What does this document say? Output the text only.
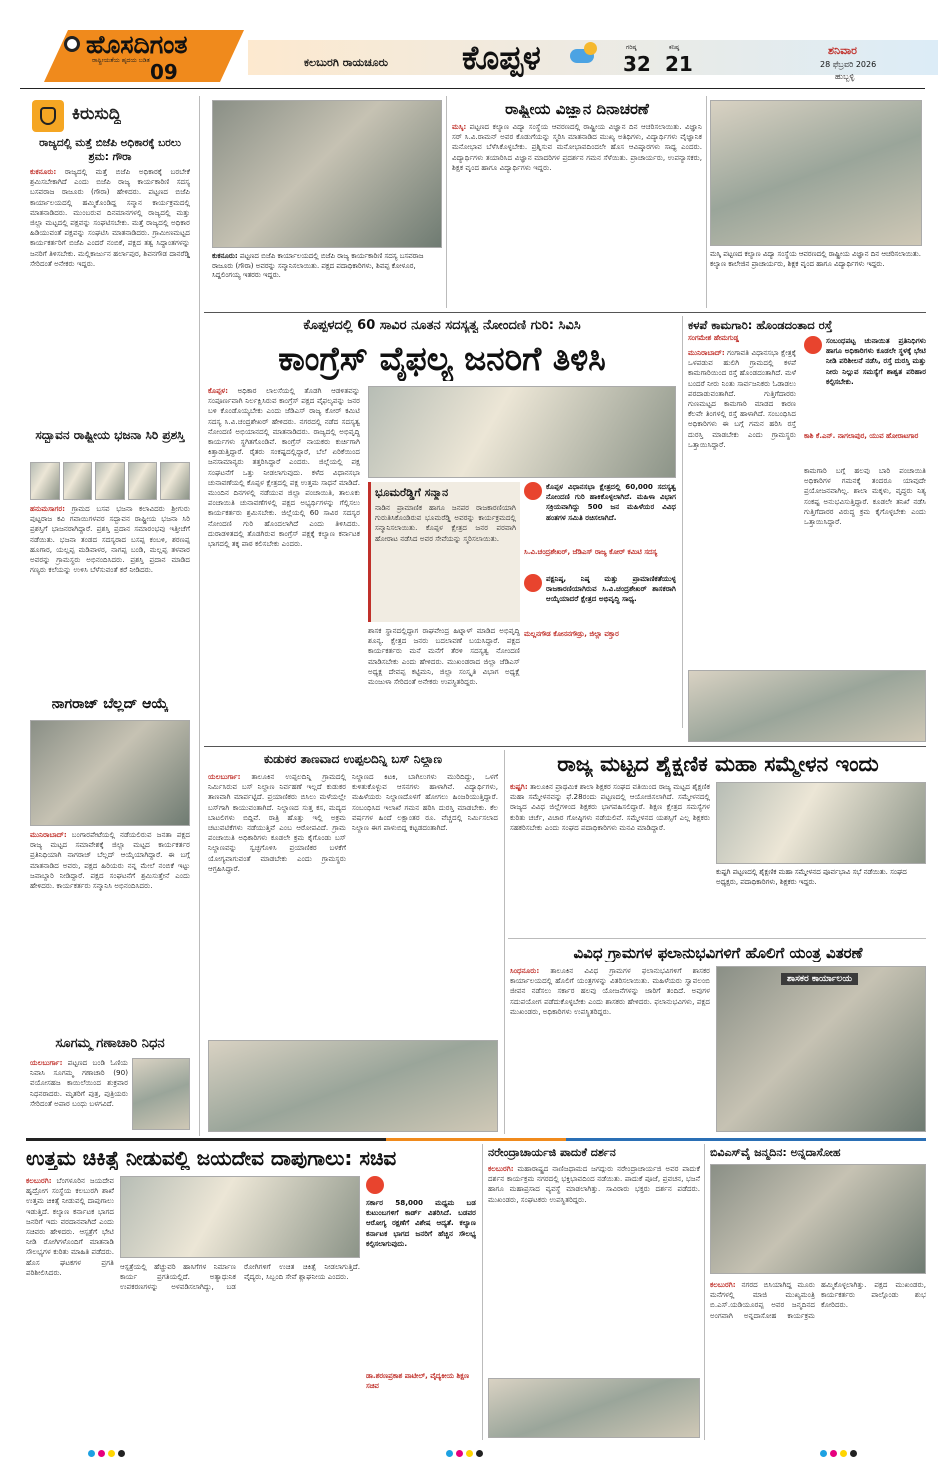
ಹೊಸದಿಗಂತ
ರಾಷ್ಟ್ರೀಯತೆಯ ಹೃದಯ ಬಡಿತ 09	ಕಲಬುರಗಿ ರಾಯಚೂರು ಕೊಪ್ಪಳ	ಗರಿಷ್ಠ
32
ಕನಿಷ್ಠ
21
ಶನಿವಾರ
28 ಫೆಬ್ರವರಿ 2026
ಹುಬ್ಬಳ್ಳಿ
ಕಿರುಸುದ್ದಿ
ರಾಜ್ಯದಲ್ಲಿ ಮತ್ತೆ ಬಿಜೆಪಿ ಅಧಿಕಾರಕ್ಕೆ ಬರಲು ಶ್ರಮ: ಗೌರಾ
ಕುಕನೂರು: ರಾಜ್ಯದಲ್ಲಿ ಮತ್ತೆ ಬಿಜೆಪಿ ಅಧಿಕಾರಕ್ಕೆ ಬರಬೇಕೆ ಶ್ರಮಿಸಬೇಕಾಗಿದೆ ಎಂದು ಬಿಜೆಪಿ ರಾಜ್ಯ ಕಾರ್ಯಕಾರಿಣಿ ಸದಸ್ಯ ಬಸವರಾಜ ರಾಜೂರು (ಗೌರಾ) ಹೇಳಿದರು. ಪಟ್ಟಣದ ಬಿಜೆಪಿ ಕಾರ್ಯಾಲಯದಲ್ಲಿ ಹಮ್ಮಿಕೊಂಡಿದ್ದ ಸನ್ಮಾನ ಕಾರ್ಯಕ್ರಮದಲ್ಲಿ ಮಾತನಾಡಿದರು. ಮುಂಬರುವ ದಿನಮಾನಗಳಲ್ಲಿ ರಾಜ್ಯದಲ್ಲಿ ಮತ್ತು ಜಿಲ್ಲಾ ಮಟ್ಟದಲ್ಲಿ ಪಕ್ಷವನ್ನು ಸಂಘಟಿಸಬೇಕು. ಮತ್ತೆ ರಾಜ್ಯದಲ್ಲಿ ಅಧಿಕಾರ ಹಿಡಿಯುವಂತೆ ಪಕ್ಷವನ್ನು ಸಂಘಟಿಸಿ ಮಾತನಾಡಿದರು. ಗ್ರಾಮೀಣಮಟ್ಟದ ಕಾರ್ಯಕರ್ತರಿಗೆ ಬಿಜೆಪಿ ಎಂದರೆ ನಂಬಿಕೆ, ಪಕ್ಷದ ತತ್ವ ಸಿದ್ಧಾಂತಗಳನ್ನು ಜನರಿಗೆ ತಿಳಿಸಬೇಕು. ಮಲ್ಲಿಕಾರ್ಜುನ ಹರ್ಲಾಪುರ, ಶಿವನಗೌಡ ದಾನರೆಡ್ಡಿ ಸೇರಿದಂತೆ ಅನೇಕರು ಇದ್ದರು.
ಸದ್ಭಾವನ ರಾಷ್ಟ್ರೀಯ ಭಜನಾ ಸಿರಿ ಪ್ರಶಸ್ತಿ
ಹನುಮಸಾಗರ: ಗ್ರಾಮದ ಬಸವ ಭಜನಾ ಕಲಾವಿದರು ಶ್ರೀಗುರು ಪುಟ್ಟರಾಜ ಕವಿ ಗವಾಯಿಗಳವರ ಸದ್ಭಾವನ ರಾಷ್ಟ್ರೀಯ ಭಜನಾ ಸಿರಿ ಪ್ರಶಸ್ತಿಗೆ ಭಾಜನರಾಗಿದ್ದಾರೆ. ಪ್ರಶಸ್ತಿ ಪ್ರದಾನ ಸಮಾರಂಭವು ಇತ್ತೀಚೆಗೆ ನಡೆಯಿತು. ಭಜನಾ ತಂಡದ ಸದಸ್ಯರಾದ ಬಸಪ್ಪ ಕಂಬಳಿ, ಶರಣಪ್ಪ ಹೂಗಾರ, ಯಲ್ಲಪ್ಪ ಮಡಿವಾಳರ, ನಾಗಪ್ಪ ಬಂಡಿ, ಮಲ್ಲಪ್ಪ ತಳವಾರ ಅವರನ್ನು ಗ್ರಾಮಸ್ಥರು ಅಭಿನಂದಿಸಿದರು. ಪ್ರಶಸ್ತಿ ಪ್ರದಾನ ಮಾಡಿದ ಗಣ್ಯರು ಕಲೆಯನ್ನು ಉಳಿಸಿ ಬೆಳೆಸುವಂತೆ ಕರೆ ನೀಡಿದರು.
ನಾಗರಾಜ್ ಬೆಲ್ಲದ್ ಆಯ್ಕೆ
ಮುನಿರಾಬಾದ್: ಬಂಗಾರಪೇಟೆಯಲ್ಲಿ ನಡೆಯಲಿರುವ ಜನತಾ ಪಕ್ಷದ ರಾಜ್ಯ ಮಟ್ಟದ ಸಮಾವೇಶಕ್ಕೆ ಜಿಲ್ಲಾ ಮಟ್ಟದ ಕಾರ್ಯಕರ್ತರ ಪ್ರತಿನಿಧಿಯಾಗಿ ನಾಗರಾಜ್ ಬೆಲ್ಲದ್ ಆಯ್ಕೆಯಾಗಿದ್ದಾರೆ. ಈ ಬಗ್ಗೆ ಮಾತನಾಡಿದ ಅವರು, ಪಕ್ಷದ ಹಿರಿಯರು ನನ್ನ ಮೇಲೆ ನಂಬಿಕೆ ಇಟ್ಟು ಜವಾಬ್ದಾರಿ ನೀಡಿದ್ದಾರೆ. ಪಕ್ಷದ ಸಂಘಟನೆಗೆ ಶ್ರಮಿಸುತ್ತೇನೆ ಎಂದು ಹೇಳಿದರು. ಕಾರ್ಯಕರ್ತರು ಸನ್ಮಾನಿಸಿ ಅಭಿನಂದಿಸಿದರು.
ಸೂಗಮ್ಮ ಗಣಾಚಾರಿ ನಿಧನ
ಯಲಬುರ್ಗಾ: ಪಟ್ಟಣದ ಬಂಡಿ ಓಣಿಯ ನಿವಾಸಿ ಸೂಗಮ್ಮ ಗಣಾಚಾರಿ (90) ವಯೋಸಹಜ ಕಾಯಿಲೆಯಿಂದ ಶುಕ್ರವಾರ ನಿಧನರಾದರು. ಮೃತರಿಗೆ ಪುತ್ರ, ಪುತ್ರಿಯರು ಸೇರಿದಂತೆ ಅಪಾರ ಬಂಧು ಬಳಗವಿದೆ.
ಕುಕನೂರು: ಪಟ್ಟಣದ ಬಿಜೆಪಿ ಕಾರ್ಯಾಲಯದಲ್ಲಿ ಬಿಜೆಪಿ ರಾಜ್ಯ ಕಾರ್ಯಕಾರಿಣಿ ಸದಸ್ಯ ಬಸವರಾಜ ರಾಜೂರು (ಗೌರಾ) ಅವರನ್ನು ಸನ್ಮಾನಿಸಲಾಯಿತು. ಪಕ್ಷದ ಪದಾಧಿಕಾರಿಗಳು, ಶಿವಪ್ಪ ಕೋಳೂರ, ಸಿದ್ದಲಿಂಗಯ್ಯ ಇತರರು ಇದ್ದರು.
ರಾಷ್ಟ್ರೀಯ ವಿಜ್ಞಾನ ದಿನಾಚರಣೆ
ಮಸ್ಕಿ: ಪಟ್ಟಣದ ಕಲ್ಯಾಣ ವಿದ್ಯಾ ಸಂಸ್ಥೆಯ ಆವರಣದಲ್ಲಿ ರಾಷ್ಟ್ರೀಯ ವಿಜ್ಞಾನ ದಿನ ಆಚರಿಸಲಾಯಿತು. ವಿಜ್ಞಾನಿ ಸರ್ ಸಿ.ವಿ.ರಾಮನ್ ಅವರ ಕೊಡುಗೆಯನ್ನು ಸ್ಮರಿಸಿ ಮಾತನಾಡಿದ ಮುಖ್ಯ ಅತಿಥಿಗಳು, ವಿದ್ಯಾರ್ಥಿಗಳು ವೈಜ್ಞಾನಿಕ ಮನೋಭಾವ ಬೆಳೆಸಿಕೊಳ್ಳಬೇಕು. ಪ್ರಶ್ನಿಸುವ ಮನೋಭಾವದಿಂದಲೇ ಹೊಸ ಆವಿಷ್ಕಾರಗಳು ಸಾಧ್ಯ ಎಂದರು. ವಿದ್ಯಾರ್ಥಿಗಳು ತಯಾರಿಸಿದ ವಿಜ್ಞಾನ ಮಾದರಿಗಳ ಪ್ರದರ್ಶನ ಗಮನ ಸೆಳೆಯಿತು. ಪ್ರಾಚಾರ್ಯರು, ಉಪನ್ಯಾಸಕರು, ಶಿಕ್ಷಕ ವೃಂದ ಹಾಗೂ ವಿದ್ಯಾರ್ಥಿಗಳು ಇದ್ದರು.
ಮಸ್ಕಿ ಪಟ್ಟಣದ ಕಲ್ಯಾಣ ವಿದ್ಯಾ ಸಂಸ್ಥೆಯ ಆವರಣದಲ್ಲಿ ರಾಷ್ಟ್ರೀಯ ವಿಜ್ಞಾನ ದಿನ ಆಚರಿಸಲಾಯಿತು. ಕಲ್ಯಾಣ ಕಾಲೇಜಿನ ಪ್ರಾಚಾರ್ಯರು, ಶಿಕ್ಷಕ ವೃಂದ ಹಾಗೂ ವಿದ್ಯಾರ್ಥಿಗಳು ಇದ್ದರು.
ಕೊಪ್ಪಳದಲ್ಲಿ 60 ಸಾವಿರ ನೂತನ ಸದಸ್ಯತ್ವ ನೋಂದಣಿ ಗುರಿ: ಸಿವಿಸಿ
ಕಾಂಗ್ರೆಸ್ ವೈಫಲ್ಯ ಜನರಿಗೆ ತಿಳಿಸಿ
ಕೊಪ್ಪಳ: ಅಧಿಕಾರ ಲಾಲಸೆಯಲ್ಲಿ ತೊಡಗಿ ಆಡಳಿತವನ್ನು ಸಂಪೂರ್ಣವಾಗಿ ನಿರ್ಲಕ್ಷಿಸಿರುವ ಕಾಂಗ್ರೆಸ್ ಪಕ್ಷದ ವೈಫಲ್ಯವನ್ನು ಜನರ ಬಳಿ ಕೊಂಡೊಯ್ಯಬೇಕು ಎಂದು ಜೆಡಿಎಸ್ ರಾಜ್ಯ ಕೋರ್ ಕಮಿಟಿ ಸದಸ್ಯ ಸಿ.ವಿ.ಚಂದ್ರಶೇಖರ್ ಹೇಳಿದರು. ನಗರದಲ್ಲಿ ನಡೆದ ಸದಸ್ಯತ್ವ ನೋಂದಣಿ ಅಭಿಯಾನದಲ್ಲಿ ಮಾತನಾಡಿದರು. ರಾಜ್ಯದಲ್ಲಿ ಅಭಿವೃದ್ಧಿ ಕಾರ್ಯಗಳು ಸ್ಥಗಿತಗೊಂಡಿವೆ. ಕಾಂಗ್ರೆಸ್ ನಾಯಕರು ಕುರ್ಚಿಗಾಗಿ ಕಿತ್ತಾಡುತ್ತಿದ್ದಾರೆ. ರೈತರು ಸಂಕಷ್ಟದಲ್ಲಿದ್ದಾರೆ, ಬೆಲೆ ಏರಿಕೆಯಿಂದ ಜನಸಾಮಾನ್ಯರು ತತ್ತರಿಸಿದ್ದಾರೆ ಎಂದರು. ಜಿಲ್ಲೆಯಲ್ಲಿ ಪಕ್ಷ ಸಂಘಟನೆಗೆ ಒತ್ತು ನೀಡಲಾಗುವುದು. ಕಳೆದ ವಿಧಾನಸಭಾ ಚುನಾವಣೆಯಲ್ಲಿ ಕೊಪ್ಪಳ ಕ್ಷೇತ್ರದಲ್ಲಿ ಪಕ್ಷ ಉತ್ತಮ ಸಾಧನೆ ಮಾಡಿದೆ. ಮುಂದಿನ ದಿನಗಳಲ್ಲಿ ನಡೆಯುವ ಜಿಲ್ಲಾ ಪಂಚಾಯಿತಿ, ತಾಲೂಕು ಪಂಚಾಯಿತಿ ಚುನಾವಣೆಗಳಲ್ಲಿ ಪಕ್ಷದ ಅಭ್ಯರ್ಥಿಗಳನ್ನು ಗೆಲ್ಲಿಸಲು ಕಾರ್ಯಕರ್ತರು ಶ್ರಮಿಸಬೇಕು. ಜಿಲ್ಲೆಯಲ್ಲಿ 60 ಸಾವಿರ ಸದಸ್ಯರ ನೋಂದಣಿ ಗುರಿ ಹೊಂದಲಾಗಿದೆ ಎಂದು ತಿಳಿಸಿದರು. ದುರಾಡಳಿತದಲ್ಲಿ ತೊಡಗಿರುವ ಕಾಂಗ್ರೆಸ್ ಪಕ್ಷಕ್ಕೆ ಕಲ್ಯಾಣ ಕರ್ನಾಟಕ ಭಾಗದಲ್ಲಿ ತಕ್ಕ ಪಾಠ ಕಲಿಸಬೇಕು ಎಂದರು.
ಭೂಮರೆಡ್ಡಿಗೆ ಸನ್ಮಾನ
ನಾಡಿನ ಪ್ರಾಮಾಣಿಕ ಹಾಗೂ ಜನಪರ ರಾಜಕಾರಣಿಯಾಗಿ ಗುರುತಿಸಿಕೊಂಡಿರುವ ಭೂಮರೆಡ್ಡಿ ಅವರನ್ನು ಕಾರ್ಯಕ್ರಮದಲ್ಲಿ ಸನ್ಮಾನಿಸಲಾಯಿತು. ಕೊಪ್ಪಳ ಕ್ಷೇತ್ರದ ಜನರ ಪರವಾಗಿ ಹೋರಾಟ ನಡೆಸಿದ ಅವರ ಸೇವೆಯನ್ನು ಸ್ಮರಿಸಲಾಯಿತು.
ಕೊಪ್ಪಳ ವಿಧಾನಸಭಾ ಕ್ಷೇತ್ರದಲ್ಲಿ 60,000 ಸದಸ್ಯತ್ವ ನೋಂದಣಿ ಗುರಿ ಹಾಕಿಕೊಳ್ಳಲಾಗಿದೆ. ಮಹಿಳಾ ವಿಭಾಗ ಸಕ್ರಿಯವಾಗಿದ್ದು 500 ಜನ ಮಹಿಳೆಯರ ವಿವಿಧ ಹಂತಗಳ ಸಮಿತಿ ರಚಿಸಲಾಗಿದೆ.
ಸಿ.ವಿ.ಚಂದ್ರಶೇಖರ್, ಜೆಡಿಎಸ್ ರಾಜ್ಯ ಕೋರ್ ಕಮಿಟಿ ಸದಸ್ಯ
ಪಕ್ಷನಿಷ್ಠ, ನಿಷ್ಠ ಮತ್ತು ಪ್ರಾಮಾಣಿಕತೆಯುಳ್ಳ ರಾಜಕಾರಣಿಯಾಗಿರುವ ಸಿ.ವಿ.ಚಂದ್ರಶೇಖರ್ ಶಾಸಕರಾಗಿ ಆಯ್ಕೆಯಾದರೆ ಕ್ಷೇತ್ರದ ಅಭಿವೃದ್ಧಿ ಸಾಧ್ಯ.
ಮಲ್ಲನಗೌಡ ಕೋನನಗೌಡ್ರು, ಜಿಲ್ಲಾ ವಕ್ತಾರ
ಶಾಸಕ ಸ್ಥಾನದಲ್ಲಿದ್ದಾಗ ರಾಘವೇಂದ್ರ ಹಿಟ್ನಾಳ್ ಮಾಡಿದ ಅಭಿವೃದ್ಧಿ ಶೂನ್ಯ. ಕ್ಷೇತ್ರದ ಜನರು ಬದಲಾವಣೆ ಬಯಸಿದ್ದಾರೆ. ಪಕ್ಷದ ಕಾರ್ಯಕರ್ತರು ಮನೆ ಮನೆಗೆ ತೆರಳಿ ಸದಸ್ಯತ್ವ ನೋಂದಣಿ ಮಾಡಿಸಬೇಕು ಎಂದು ಹೇಳಿದರು. ಮುಖಂಡರಾದ ಜಿಲ್ಲಾ ಜೆಡಿಎಸ್ ಅಧ್ಯಕ್ಷ ದೇವಪ್ಪ ಕಟ್ಟಿಮನಿ, ಜಿಲ್ಲಾ ಸಂಸ್ಕೃತಿ ವಿಭಾಗ ಅಧ್ಯಕ್ಷೆ ಮಂಜುಳಾ ಸೇರಿದಂತೆ ಅನೇಕರು ಉಪಸ್ಥಿತರಿದ್ದರು.
ಕಳಪೆ ಕಾಮಗಾರಿ: ಹೊಂಡದಂತಾದ ರಸ್ತೆ
ಸಂಗಮೇಶ ಹೇಮಗುಡ್ಡ
ಮುನಿರಾಬಾದ್: ಗಂಗಾವತಿ ವಿಧಾನಸಭಾ ಕ್ಷೇತ್ರಕ್ಕೆ ಒಳಪಡುವ ಹುಲಿಗಿ ಗ್ರಾಮದಲ್ಲಿ ಕಳಪೆ ಕಾಮಗಾರಿಯಿಂದ ರಸ್ತೆ ಹೊಂಡದಂತಾಗಿದೆ. ಮಳೆ ಬಂದರೆ ನೀರು ನಿಂತು ಸಾರ್ವಜನಿಕರು ಓಡಾಡಲು ಪರದಾಡುವಂತಾಗಿದೆ. ಗುತ್ತಿಗೆದಾರರು ಗುಣಮಟ್ಟದ ಕಾಮಗಾರಿ ಮಾಡದ ಕಾರಣ ಕೆಲವೇ ತಿಂಗಳಲ್ಲಿ ರಸ್ತೆ ಹಾಳಾಗಿದೆ. ಸಂಬಂಧಿಸಿದ ಅಧಿಕಾರಿಗಳು ಈ ಬಗ್ಗೆ ಗಮನ ಹರಿಸಿ ರಸ್ತೆ ದುರಸ್ತಿ ಮಾಡಬೇಕು ಎಂದು ಗ್ರಾಮಸ್ಥರು ಒತ್ತಾಯಿಸಿದ್ದಾರೆ.
ಸಂಬಂಧಪಟ್ಟ ಚುನಾಯಿತ ಪ್ರತಿನಿಧಿಗಳು ಹಾಗೂ ಅಧಿಕಾರಿಗಳು ಕೂಡಲೇ ಸ್ಥಳಕ್ಕೆ ಭೇಟಿ ನೀಡಿ ಪರಿಶೀಲನೆ ನಡೆಸಿ, ರಸ್ತೆ ದುರಸ್ತಿ ಮತ್ತು ನೀರು ನಿಲ್ಲುವ ಸಮಸ್ಯೆಗೆ ಶಾಶ್ವತ ಪರಿಹಾರ ಕಲ್ಪಿಸಬೇಕು.
ಕಾಶಿ ಕೆ.ಎನ್. ನಾಗಲಾಪುರ, ಯುವ ಹೋರಾಟಗಾರ
ಕಾಮಗಾರಿ ಬಗ್ಗೆ ಹಲವು ಬಾರಿ ಪಂಚಾಯಿತಿ ಅಧಿಕಾರಿಗಳ ಗಮನಕ್ಕೆ ತಂದರೂ ಯಾವುದೇ ಪ್ರಯೋಜನವಾಗಿಲ್ಲ. ಶಾಲಾ ಮಕ್ಕಳು, ವೃದ್ಧರು ನಿತ್ಯ ಸಂಕಷ್ಟ ಅನುಭವಿಸುತ್ತಿದ್ದಾರೆ. ಕೂಡಲೇ ತನಿಖೆ ನಡೆಸಿ ಗುತ್ತಿಗೆದಾರರ ವಿರುದ್ಧ ಕ್ರಮ ಕೈಗೊಳ್ಳಬೇಕು ಎಂದು ಒತ್ತಾಯಿಸಿದ್ದಾರೆ.
ಕುಡುಕರ ತಾಣವಾದ ಉಪ್ಪಲದಿನ್ನಿ ಬಸ್ ನಿಲ್ದಾಣ
ಯಲಬುರ್ಗಾ: ತಾಲೂಕಿನ ಉಪ್ಪಲದಿನ್ನಿ ಗ್ರಾಮದಲ್ಲಿ ನಿರ್ಮಿಸಿರುವ ಬಸ್ ನಿಲ್ದಾಣ ನಿರ್ವಹಣೆ ಇಲ್ಲದೆ ಕುಡುಕರ ತಾಣವಾಗಿ ಮಾರ್ಪಟ್ಟಿದೆ. ಪ್ರಯಾಣಿಕರು ಬಿಸಿಲು ಮಳೆಯಲ್ಲೇ ಬಸ್‌ಗಾಗಿ ಕಾಯುವಂತಾಗಿದೆ. ನಿಲ್ದಾಣದ ಸುತ್ತ ಕಸ, ಮದ್ಯದ ಬಾಟಲಿಗಳು ಬಿದ್ದಿವೆ. ರಾತ್ರಿ ಹೊತ್ತು ಇಲ್ಲಿ ಅಕ್ರಮ ಚಟುವಟಿಕೆಗಳು ನಡೆಯುತ್ತಿವೆ ಎಂಬ ಆರೋಪವಿದೆ. ಗ್ರಾಮ ಪಂಚಾಯಿತಿ ಅಧಿಕಾರಿಗಳು ಕೂಡಲೇ ಕ್ರಮ ಕೈಗೊಂಡು ಬಸ್ ನಿಲ್ದಾಣವನ್ನು ಸ್ವಚ್ಛಗೊಳಿಸಿ ಪ್ರಯಾಣಿಕರ ಬಳಕೆಗೆ ಯೋಗ್ಯವಾಗುವಂತೆ ಮಾಡಬೇಕು ಎಂದು ಗ್ರಾಮಸ್ಥರು ಆಗ್ರಹಿಸಿದ್ದಾರೆ.
ನಿಲ್ದಾಣದ ಕಿಟಕಿ, ಬಾಗಿಲುಗಳು ಮುರಿದಿದ್ದು, ಒಳಗೆ ಕುಳಿತುಕೊಳ್ಳುವ ಆಸನಗಳು ಹಾಳಾಗಿವೆ. ವಿದ್ಯಾರ್ಥಿಗಳು, ಮಹಿಳೆಯರು ನಿಲ್ದಾಣದೊಳಗೆ ಹೋಗಲು ಹಿಂಜರಿಯುತ್ತಿದ್ದಾರೆ. ಸಂಬಂಧಿಸಿದ ಇಲಾಖೆ ಗಮನ ಹರಿಸಿ ದುರಸ್ತಿ ಮಾಡಬೇಕು. ಕೆಲ ವರ್ಷಗಳ ಹಿಂದೆ ಲಕ್ಷಾಂತರ ರೂ. ವೆಚ್ಚದಲ್ಲಿ ನಿರ್ಮಿಸಲಾದ ನಿಲ್ದಾಣ ಈಗ ಪಾಳುಬಿದ್ದ ಕಟ್ಟಡದಂತಾಗಿದೆ.
ರಾಜ್ಯ ಮಟ್ಟದ ಶೈಕ್ಷಣಿಕ ಮಹಾ ಸಮ್ಮೇಳನ ಇಂದು
ಕುಷ್ಟಗಿ: ತಾಲೂಕಿನ ಪ್ರಾಥಮಿಕ ಶಾಲಾ ಶಿಕ್ಷಕರ ಸಂಘದ ವತಿಯಿಂದ ರಾಜ್ಯ ಮಟ್ಟದ ಶೈಕ್ಷಣಿಕ ಮಹಾ ಸಮ್ಮೇಳನವನ್ನು ಫೆ.28ರಂದು ಪಟ್ಟಣದಲ್ಲಿ ಆಯೋಜಿಸಲಾಗಿದೆ. ಸಮ್ಮೇಳನದಲ್ಲಿ ರಾಜ್ಯದ ವಿವಿಧ ಜಿಲ್ಲೆಗಳಿಂದ ಶಿಕ್ಷಕರು ಭಾಗವಹಿಸಲಿದ್ದಾರೆ. ಶಿಕ್ಷಣ ಕ್ಷೇತ್ರದ ಸಮಸ್ಯೆಗಳ ಕುರಿತು ಚರ್ಚೆ, ವಿಚಾರ ಗೋಷ್ಠಿಗಳು ನಡೆಯಲಿವೆ. ಸಮ್ಮೇಳನದ ಯಶಸ್ಸಿಗೆ ಎಲ್ಲ ಶಿಕ್ಷಕರು ಸಹಕರಿಸಬೇಕು ಎಂದು ಸಂಘದ ಪದಾಧಿಕಾರಿಗಳು ಮನವಿ ಮಾಡಿದ್ದಾರೆ.
ಕುಷ್ಟಗಿ ಪಟ್ಟಣದಲ್ಲಿ ಶೈಕ್ಷಣಿಕ ಮಹಾ ಸಮ್ಮೇಳನದ ಪೂರ್ವಭಾವಿ ಸಭೆ ನಡೆಯಿತು. ಸಂಘದ ಅಧ್ಯಕ್ಷರು, ಪದಾಧಿಕಾರಿಗಳು, ಶಿಕ್ಷಕರು ಇದ್ದರು.
ವಿವಿಧ ಗ್ರಾಮಗಳ ಫಲಾನುಭವಿಗಳಿಗೆ ಹೊಲಿಗೆ ಯಂತ್ರ ವಿತರಣೆ
ಸಿಂಧನೂರು: ತಾಲೂಕಿನ ವಿವಿಧ ಗ್ರಾಮಗಳ ಫಲಾನುಭವಿಗಳಿಗೆ ಶಾಸಕರ ಕಾರ್ಯಾಲಯದಲ್ಲಿ ಹೊಲಿಗೆ ಯಂತ್ರಗಳನ್ನು ವಿತರಿಸಲಾಯಿತು. ಮಹಿಳೆಯರು ಸ್ವಾವಲಂಬಿ ಜೀವನ ನಡೆಸಲು ಸರ್ಕಾರ ಹಲವು ಯೋಜನೆಗಳನ್ನು ಜಾರಿಗೆ ತಂದಿದೆ. ಅವುಗಳ ಸದುಪಯೋಗ ಪಡೆದುಕೊಳ್ಳಬೇಕು ಎಂದು ಶಾಸಕರು ಹೇಳಿದರು. ಫಲಾನುಭವಿಗಳು, ಪಕ್ಷದ ಮುಖಂಡರು, ಅಧಿಕಾರಿಗಳು ಉಪಸ್ಥಿತರಿದ್ದರು.
ಶಾಸಕರ ಕಾರ್ಯಾಲಯ
ಉತ್ತಮ ಚಿಕಿತ್ಸೆ ನೀಡುವಲ್ಲಿ ಜಯದೇವ ದಾಪುಗಾಲು: ಸಚಿವ
ಕಲಬುರಗಿ: ಬೆಂಗಳೂರಿನ ಜಯದೇವ ಹೃದ್ರೋಗ ಸಂಸ್ಥೆಯ ಕಲಬುರಗಿ ಶಾಖೆ ಉತ್ತಮ ಚಿಕಿತ್ಸೆ ನೀಡುವಲ್ಲಿ ದಾಪುಗಾಲು ಇಡುತ್ತಿದೆ. ಕಲ್ಯಾಣ ಕರ್ನಾಟಕ ಭಾಗದ ಜನರಿಗೆ ಇದು ವರದಾನವಾಗಿದೆ ಎಂದು ಸಚಿವರು ಹೇಳಿದರು. ಆಸ್ಪತ್ರೆಗೆ ಭೇಟಿ ನೀಡಿ ರೋಗಿಗಳೊಂದಿಗೆ ಮಾತನಾಡಿ ಸೌಲಭ್ಯಗಳ ಕುರಿತು ಮಾಹಿತಿ ಪಡೆದರು. ಹೊಸ ಘಟಕಗಳ ಪ್ರಗತಿ ಪರಿಶೀಲಿಸಿದರು.
ಆಸ್ಪತ್ರೆಯಲ್ಲಿ ಹೆಚ್ಚುವರಿ ಹಾಸಿಗೆಗಳ ನಿರ್ಮಾಣ ಕಾರ್ಯ ಪ್ರಗತಿಯಲ್ಲಿದೆ. ಅತ್ಯಾಧುನಿಕ ಉಪಕರಣಗಳನ್ನು ಅಳವಡಿಸಲಾಗಿದ್ದು, ಬಡ ರೋಗಿಗಳಿಗೆ ಉಚಿತ ಚಿಕಿತ್ಸೆ ನೀಡಲಾಗುತ್ತಿದೆ. ವೈದ್ಯರು, ಸಿಬ್ಬಂದಿ ಸೇವೆ ಶ್ಲಾಘನೀಯ ಎಂದರು.
ಸರ್ಕಾರ 58,000 ಮಧ್ಯಮ ಬಡ ಕುಟುಂಬಗಳಿಗೆ ಕಾರ್ಡ್ ವಿತರಿಸಿದೆ. ಬಡವರ ಆರೋಗ್ಯ ರಕ್ಷಣೆಗೆ ವಿಶೇಷ ಆದ್ಯತೆ. ಕಲ್ಯಾಣ ಕರ್ನಾಟಕ ಭಾಗದ ಜನರಿಗೆ ಹೆಚ್ಚಿನ ಸೌಲಭ್ಯ ಕಲ್ಪಿಸಲಾಗುವುದು.
ಡಾ.ಶರಣಪ್ರಕಾಶ ಪಾಟೀಲ್, ವೈದ್ಯಕೀಯ ಶಿಕ್ಷಣ ಸಚಿವ
ನರೇಂದ್ರಾಚಾರ್ಯಜಿ ಪಾದುಕೆ ದರ್ಶನ
ಕಲಬುರಗಿ: ಮಹಾರಾಷ್ಟ್ರದ ನಾಣಿಜಧಾಮದ ಜಗದ್ಗುರು ನರೇಂದ್ರಾಚಾರ್ಯಜಿ ಅವರ ಪಾದುಕೆ ದರ್ಶನ ಕಾರ್ಯಕ್ರಮ ನಗರದಲ್ಲಿ ಭಕ್ತಿಭಾವದಿಂದ ನಡೆಯಿತು. ಪಾದುಕೆ ಪೂಜೆ, ಪ್ರವಚನ, ಭಜನೆ ಹಾಗೂ ಮಹಾಪ್ರಸಾದ ವ್ಯವಸ್ಥೆ ಮಾಡಲಾಗಿತ್ತು. ಸಾವಿರಾರು ಭಕ್ತರು ದರ್ಶನ ಪಡೆದರು. ಮುಖಂಡರು, ಸಂಘಟಕರು ಉಪಸ್ಥಿತರಿದ್ದರು.
ಬಿವಿಎಸ್‌ವೈ ಜನ್ಮದಿನ: ಅನ್ನದಾಸೋಹ
ಕಲಬುರಗಿ: ನಗರದ ಬಿಸಿಯಾಗಿದ್ದ ಮೂರು ಮನೆಗಳಲ್ಲಿ ಮಾಜಿ ಮುಖ್ಯಮಂತ್ರಿ ಬಿ.ಎಸ್.ಯಡಿಯೂರಪ್ಪ ಅವರ ಜನ್ಮದಿನದ ಅಂಗವಾಗಿ ಅನ್ನದಾಸೋಹ ಕಾರ್ಯಕ್ರಮ ಹಮ್ಮಿಕೊಳ್ಳಲಾಗಿತ್ತು. ಪಕ್ಷದ ಮುಖಂಡರು, ಕಾರ್ಯಕರ್ತರು ಪಾಲ್ಗೊಂಡು ಶುಭ ಕೋರಿದರು.
